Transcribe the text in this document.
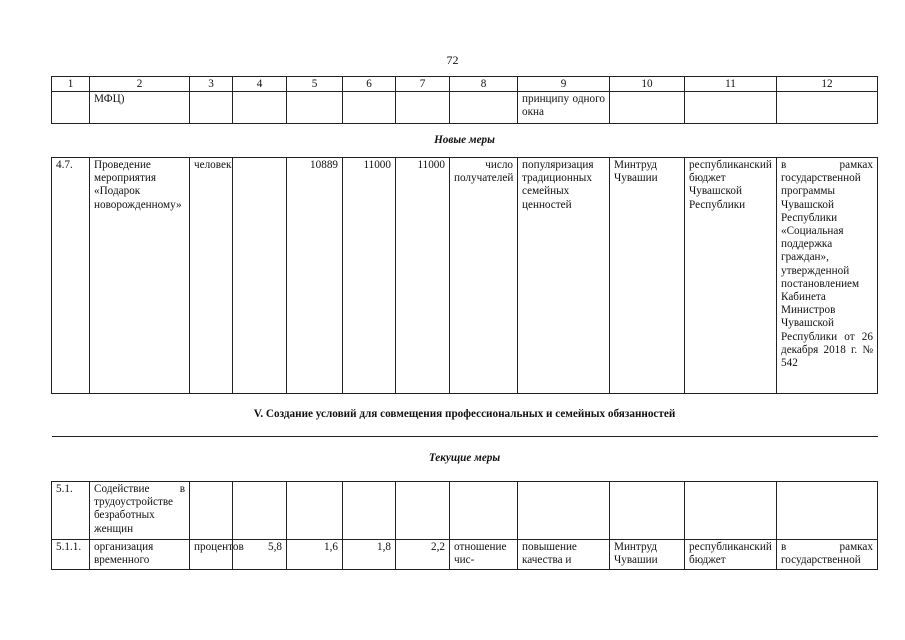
72
1	2	3	4	5	6	7	8	9	10	11	12
	МФЦ)							принципу одного окна			
Новые меры											
4.7.	Проведение мероприятия «Подарок новорожденному»	человек		10889	11000	11000	число получателей	популяризация традиционных семейных ценностей	Минтруд Чувашии	республиканский бюджет Чувашской Республики	в рамках государственной программы Чувашской Республики «Социальная поддержка граждан», утвержденной постановлением Кабинета Министров Чувашской Республики от 26 декабря 2018 г. № 542
V. Создание условий для совмещения профессиональных и семейных обязанностей											
Текущие меры											
5.1.	Содействие в трудоустройстве безработных женщин										
5.1.1.	организация временного	процентов	5,8	1,6	1,8	2,2	отношение чис-	повышение качества и	Минтруд Чувашии	республиканский бюджет	в рамках государственной
